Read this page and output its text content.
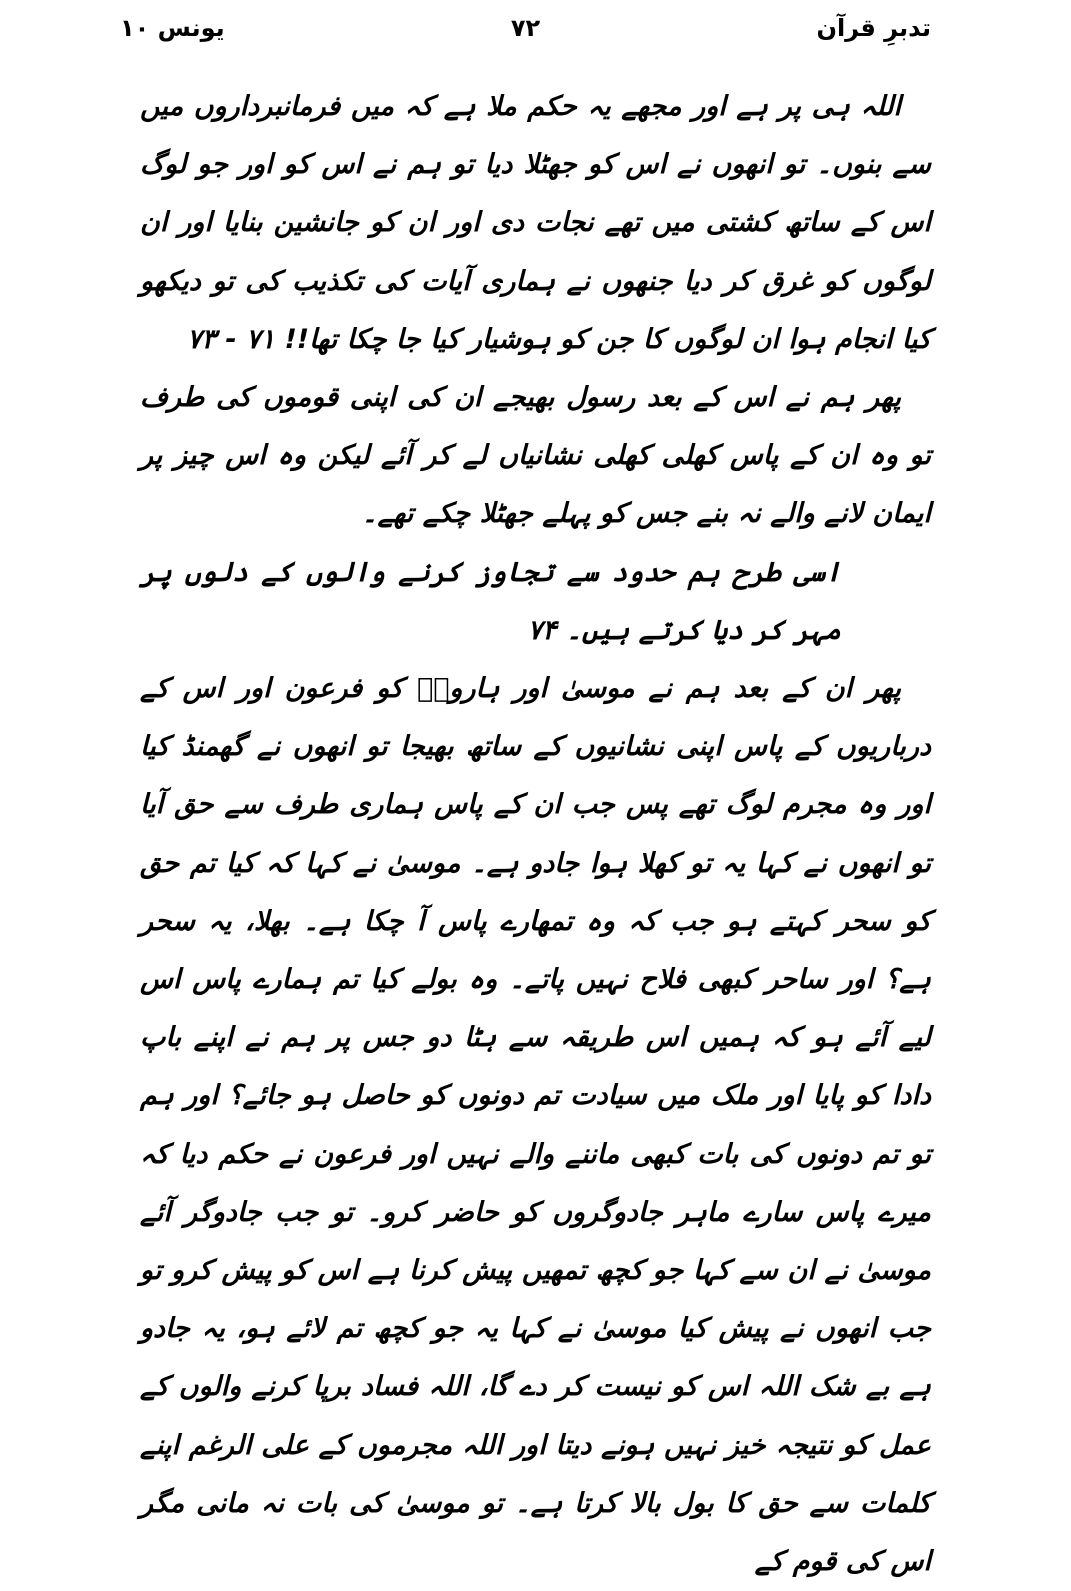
تدبرِ قرآن
۷۲
یونس ۱۰

اللہ ہی پر ہے اور مجھے یہ حکم ملا ہے کہ میں فرمانبرداروں میں سے بنوں۔ تو انھوں نے اس کو جھٹلا دیا تو ہم نے اس کو اور جو لوگ اس کے ساتھ کشتی میں تھے نجات دی اور ان کو جانشین بنایا اور ان لوگوں کو غرق کر دیا جنھوں نے ہماری آیات کی تکذیب کی تو دیکھو کیا انجام ہوا ان لوگوں کا جن کو ہوشیار کیا جا چکا تھا!! ۷۱ - ۷۳

پھر ہم نے اس کے بعد رسول بھیجے ان کی اپنی قوموں کی طرف تو وہ ان کے پاس کھلی کھلی نشانیاں لے کر آئے لیکن وہ اس چیز پر ایمان لانے والے نہ بنے جس کو پہلے جھٹلا چکے تھے۔

اسی طرح ہم حدود سے تجاوز کرنے والوں کے دلوں پر مہر کر دیا کرتے ہیں۔ ۷۴

پھر ان کے بعد ہم نے موسیٰ اور ہارونؑ کو فرعون اور اس کے درباریوں کے پاس اپنی نشانیوں کے ساتھ بھیجا تو انھوں نے گھمنڈ کیا اور وہ مجرم لوگ تھے پس جب ان کے پاس ہماری طرف سے حق آیا تو انھوں نے کہا یہ تو کھلا ہوا جادو ہے۔ موسیٰ نے کہا کہ کیا تم حق کو سحر کہتے ہو جب کہ وہ تمھارے پاس آ چکا ہے۔ بھلا، یہ سحر ہے؟ اور ساحر کبھی فلاح نہیں پاتے۔ وہ بولے کیا تم ہمارے پاس اس لیے آئے ہو کہ ہمیں اس طریقہ سے ہٹا دو جس پر ہم نے اپنے باپ دادا کو پایا اور ملک میں سیادت تم دونوں کو حاصل ہو جائے؟ اور ہم تو تم دونوں کی بات کبھی ماننے والے نہیں اور فرعون نے حکم دیا کہ میرے پاس سارے ماہر جادوگروں کو حاضر کرو۔ تو جب جادوگر آئے موسیٰ نے ان سے کہا جو کچھ تمھیں پیش کرنا ہے اس کو پیش کرو تو جب انھوں نے پیش کیا موسیٰ نے کہا یہ جو کچھ تم لائے ہو، یہ جادو ہے بے شک اللہ اس کو نیست کر دے گا، اللہ فساد برپا کرنے والوں کے عمل کو نتیجہ خیز نہیں ہونے دیتا اور اللہ مجرموں کے علی الرغم اپنے کلمات سے حق کا بول بالا کرتا ہے۔ تو موسیٰ کی بات نہ مانی مگر اس کی قوم کے
